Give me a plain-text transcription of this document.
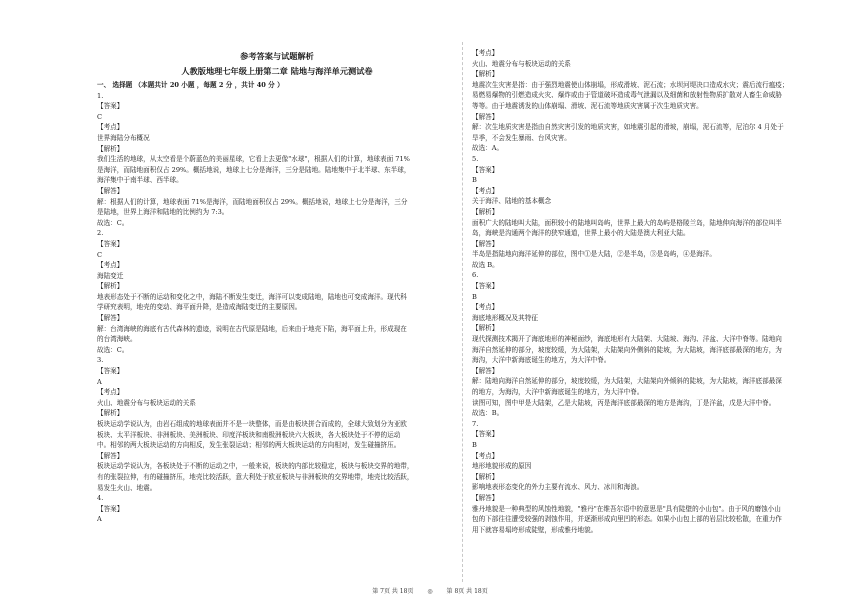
参考答案与试题解析
人教版地理七年级上册第二章 陆地与海洋单元测试卷
一、 选择题 （本题共计 20 小题 ，每题 2 分 ，共计 40 分 ）
1.
【答案】
C
【考点】
世界海陆分布概况
【解析】
我们生活的地球，从太空看是个蔚蓝色的美丽星球，它看上去更像"水球"，根据人们的计算，地球表面 71%
是海洋，而陆地面积仅占 29%。概括地说，地球上七分是海洋，三分是陆地。陆地集中于北半球、东半球，
海洋集中于南半球、西半球。
【解答】
解：根据人们的计算，地球表面 71%是海洋，而陆地面积仅占 29%。概括地说，地球上七分是海洋，三分
是陆地，世界上海洋和陆地的比例约为 7:3。
故选：C。
2.
【答案】
C
【考点】
海陆变迁
【解析】
地表形态处于不断的运动和变化之中，海陆不断发生变迁，海洋可以变成陆地，陆地也可变成海洋。现代科
学研究表明，地壳的变动、海平面升降，是造成海陆变迁的主要原因。
【解答】
解：台湾海峡的海底有古代森林的遗迹，说明在古代原是陆地，后来由于地壳下陷，海平面上升，形成现在
的台湾海峡。
故选：C。
3.
【答案】
A
【考点】
火山、地震分布与板块运动的关系
【解析】
板块运动学说认为，由岩石组成的地球表面并不是一块整体，而是由板块拼合而成的，全球大致划分为亚欧
板块、太平洋板块、非洲板块、美洲板块、印度洋板块和南极洲板块六大板块，各大板块处于不停的运动
中。相邻的两大板块运动的方向相反，发生张裂运动；相邻的两大板块运动的方向相对，发生碰撞挤压。
【解答】
板块运动学说认为，各板块处于不断的运动之中，一般来说，板块的内部比较稳定，板块与板块交界的地带，
有的张裂拉伸，有的碰撞挤压，地壳比较活跃，意大利处于欧亚板块与非洲板块的交界地带，地壳比较活跃，
易发生火山、地震。
4.
【答案】
A
【考点】
火山、地震分布与板块运动的关系
【解析】
地震次生灾害是指：由于强烈地震使山体崩塌，形成滑坡、泥石流；水坝河堤决口造成水灾；震后流行瘟疫；
易燃易爆物的引燃造成火灾、爆炸或由于管道破坏造成毒气泄漏以及细菌和放射性物质扩散对人畜生命威胁
等等。由于地震诱发的山体崩塌、滑坡、泥石流等地质灾害属于次生地质灾害。
【解答】
解：次生地质灾害是指由自然灾害引发的地质灾害，如地震引起的滑坡，崩塌，泥石流等，尼泊尔 4 月处于
旱季，不会发生暴雨、台风灾害。
故选：A。
5.
【答案】
B
【考点】
关于海洋、陆地的基本概念
【解析】
面积广大的陆地叫大陆，面积较小的陆地叫岛屿，世界上最大的岛屿是格陵兰岛，陆地伸向海洋的部位叫半
岛，海峡是沟通两个海洋的狭窄通道，世界上最小的大陆是澳大利亚大陆。
【解答】
半岛是指陆地向海洋延伸的部位，图中①是大陆，②是半岛，③是岛屿，④是海洋。
故选 B。
6.
【答案】
B
【考点】
海底地形概况及其特征
【解析】
现代探测技术揭开了海底地形的神秘面纱，海底地形有大陆架、大陆坡、海沟、洋盆、大洋中脊等。陆地向
海洋自然延伸的部分，坡度较缓，为大陆架，大陆架向外侧斜的陡坡，为大陆坡，海洋底部最深的地方，为
海沟，大洋中新海底诞生的地方，为大洋中脊。
【解答】
解：陆地向海洋自然延伸的部分，坡度较缓，为大陆架，大陆架向外倾斜的陡坡，为大陆坡，海洋底部最深
的地方，为海沟，大洋中新海底诞生的地方，为大洋中脊。
读图可知，图中甲是大陆架，乙是大陆坡，丙是海洋底部最深的地方是海沟，丁是洋盆，戊是大洋中脊。
故选：B。
7.
【答案】
B
【考点】
地形地貌形成的原因
【解析】
影响地表形态变化的外力主要有流水、风力、冰川和海浪。
【解答】
雅丹地貌是一种典型的风蚀性地貌，"雅丹"在维吾尔语中的意思是"具有陡壁的小山包"。由于风的磨蚀小山
包的下部往往遭受较强的剥蚀作用，并逐渐形成向里凹的形态。如果小山包上部的岩层比较松散，在重力作
用下就容易塌垮形成陡壁，形成雅丹地貌。
第 7页 共 18页 ◎ 第 8页 共 18页
